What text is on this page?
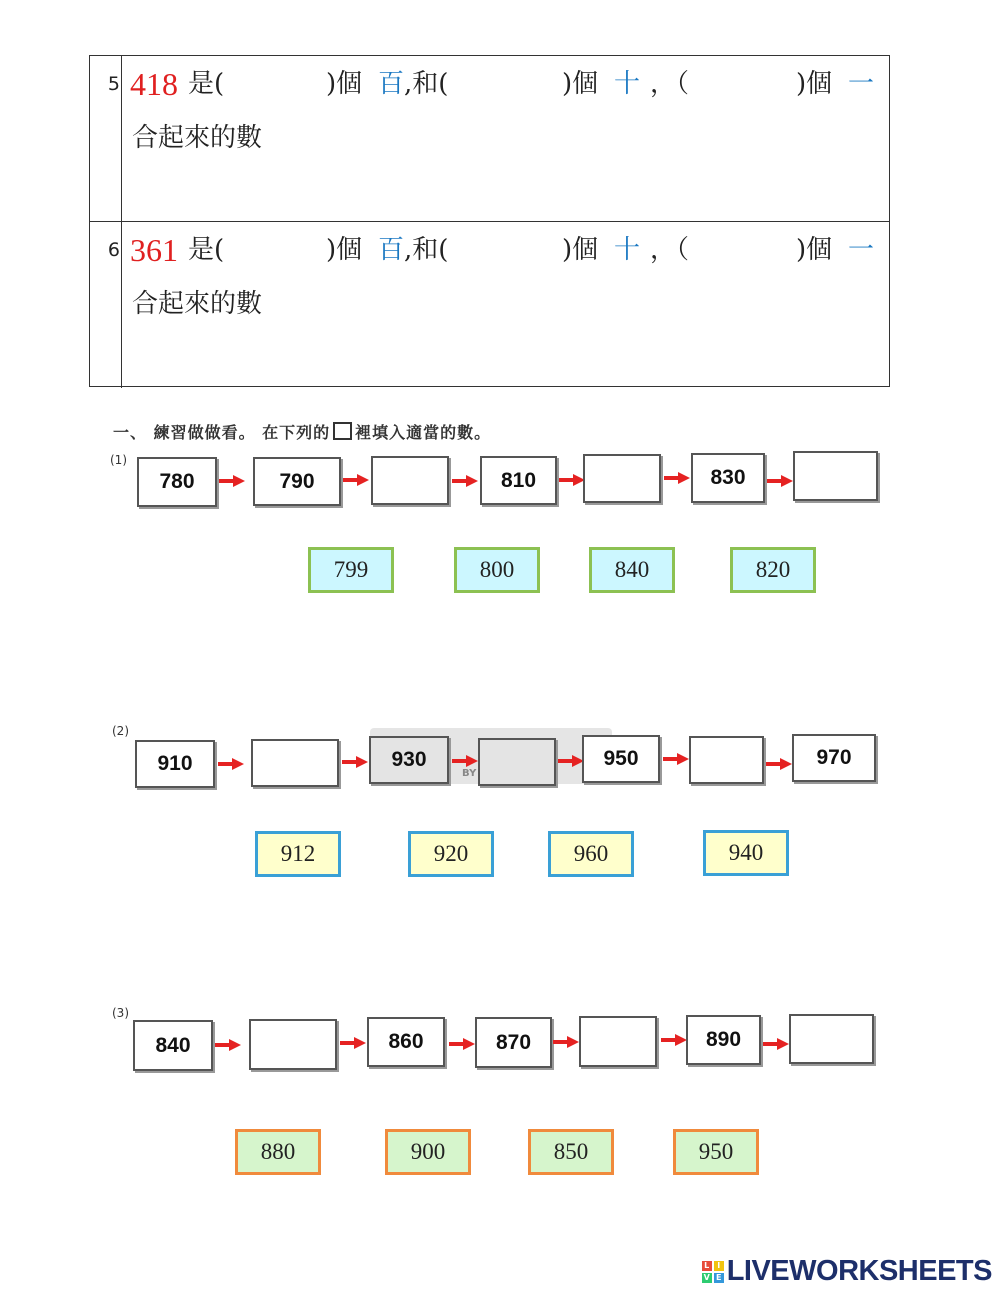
5 418 是(	)個 百 ,和(	)個 十 ，（	)個 一
合起來的數
6 361 是(	)個 百 ,和(	)個 十 ，（	)個 一
合起來的數
一、 練習做做看。 在下列的 裡填入適當的數。
BY
(1)
780	790	810	830
799	800	840	820
(2)
910	930	950	970
912	920	960	940
(3)
840	860	870	890
880	900	850	950
L I
V E LIVEWORKSHEETS
